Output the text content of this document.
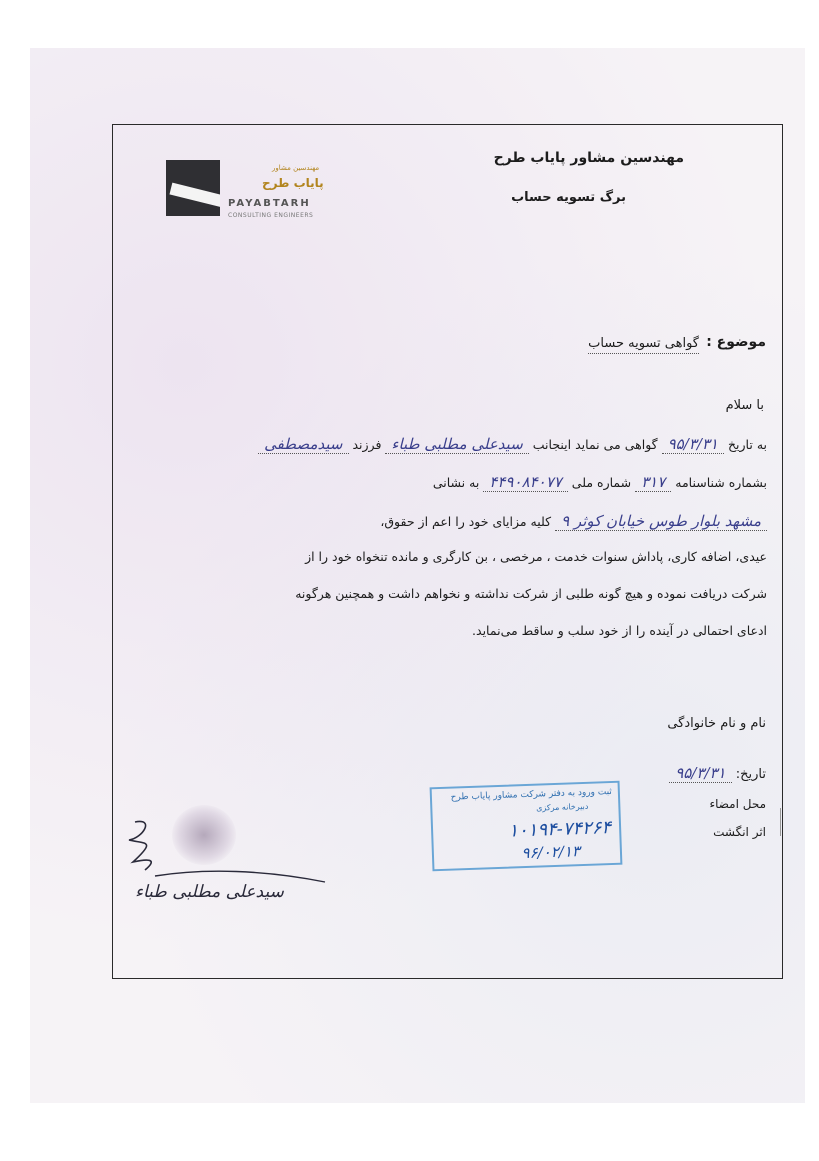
مهندسین مشاور پایاب طرح
برگ تسویه حساب
مهندسین مشاور
پایاب طرح
PAYABTARH
CONSULTING ENGINEERS
موضوع :
گواهی تسویه حساب
با سلام
به تاریخ ۹۵/۳/۳۱ گواهی می نماید اینجانب سیدعلی مطلبی طباء فرزند سیدمصطفی
بشماره شناسنامه ۳۱۷ شماره ملی ۴۴۹۰۸۴۰۷۷ به نشانی
مشهد بلوار طوس خیابان کوثر ۹ کلیه مزایای خود را اعم از حقوق،
عیدی، اضافه کاری، پاداش سنوات خدمت ، مرخصی ، بن کارگری و مانده تنخواه خود را از
شرکت دریافت نموده و هیچ گونه طلبی از شرکت نداشته و نخواهم داشت و همچنین هرگونه
ادعای احتمالی در آینده را از خود سلب و ساقط می‌نماید.
نام و نام خانوادگی
تاریخ: ۹۵/۳/۳۱
محل امضاء
اثر انگشت
سیدعلی مطلبی طباء
ثبت ورود به دفتر شرکت مشاور پایاب طرح
دبیرخانه مرکزی
۱۰۱۹۴-۷۴۲۶۴
۹۶/۰۲/۱۳
